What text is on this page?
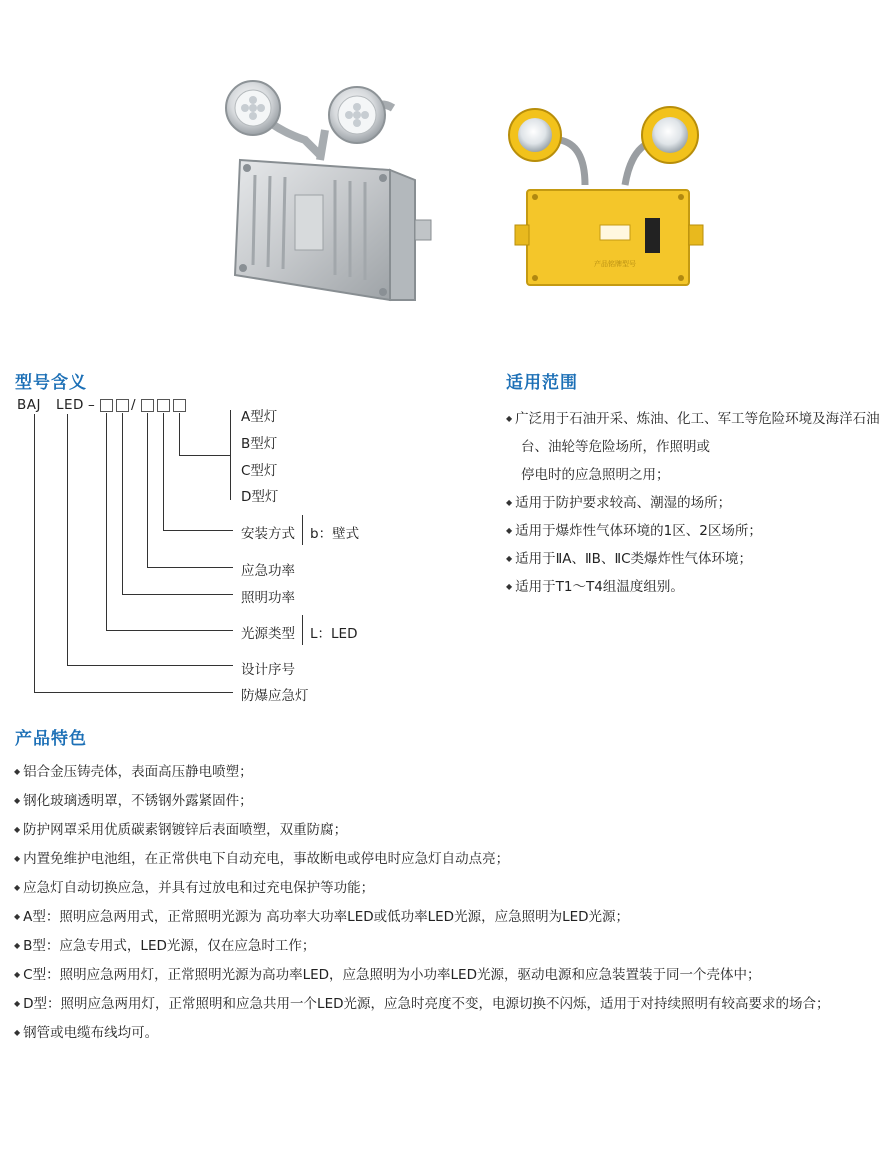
产品铭牌型号
型号含义
BAJ LED –	/
A型灯
B型灯
C型灯
D型灯
安装方式 b：壁式
应急功率
照明功率
光源类型 L：LED
设计序号
防爆应急灯
适用范围
◆ 广泛用于石油开采、炼油、化工、军工等危险环境及海洋石油
台、油轮等危险场所，作照明或
停电时的应急照明之用；
◆ 适用于防护要求较高、潮湿的场所；
◆ 适用于爆炸性气体环境的1区、2区场所；
◆ 适用于ⅡA、ⅡB、ⅡC类爆炸性气体环境；
◆ 适用于T1～T4组温度组别。
产品特色
◆ 铝合金压铸壳体，表面高压静电喷塑；
◆ 钢化玻璃透明罩，不锈钢外露紧固件；
◆ 防护网罩采用优质碳素钢镀锌后表面喷塑，双重防腐；
◆ 内置免维护电池组，在正常供电下自动充电，事故断电或停电时应急灯自动点亮；
◆ 应急灯自动切换应急，并具有过放电和过充电保护等功能；
◆ A型：照明应急两用式，正常照明光源为 高功率大功率LED或低功率LED光源，应急照明为LED光源；
◆ B型：应急专用式，LED光源，仅在应急时工作；
◆ C型：照明应急两用灯，正常照明光源为高功率LED，应急照明为小功率LED光源，驱动电源和应急装置装于同一个壳体中；
◆ D型：照明应急两用灯，正常照明和应急共用一个LED光源，应急时亮度不变，电源切换不闪烁，适用于对持续照明有较高要求的场合；
◆ 钢管或电缆布线均可。
